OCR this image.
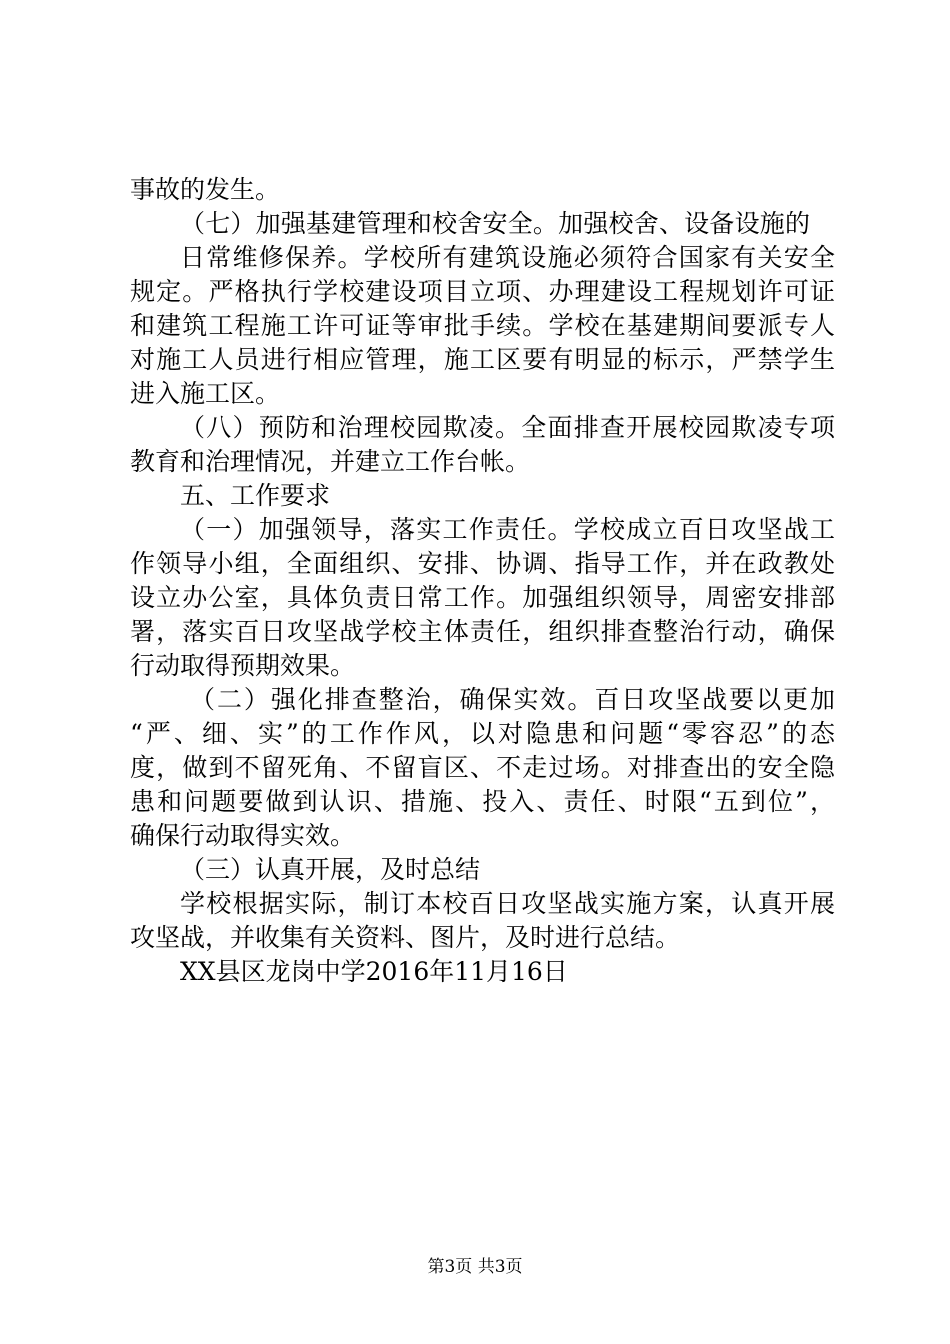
事故的发生。
（七）加强基建管理和校舍安全。加强校舍、设备设施的
日常维修保养。学校所有建筑设施必须符合国家有关安全
规定。严格执行学校建设项目立项、办理建设工程规划许可证
和建筑工程施工许可证等审批手续。学校在基建期间要派专人
对施工人员进行相应管理，施工区要有明显的标示，严禁学生
进入施工区。
（八）预防和治理校园欺凌。全面排查开展校园欺凌专项
教育和治理情况，并建立工作台帐。
五、工作要求
（一）加强领导，落实工作责任。学校成立百日攻坚战工
作领导小组，全面组织、安排、协调、指导工作，并在政教处
设立办公室，具体负责日常工作。加强组织领导，周密安排部
署，落实百日攻坚战学校主体责任，组织排查整治行动，确保
行动取得预期效果。
（二）强化排查整治，确保实效。百日攻坚战要以更加
“严、细、实”的工作作风，以对隐患和问题“零容忍”的态
度，做到不留死角、不留盲区、不走过场。对排查出的安全隐
患和问题要做到认识、措施、投入、责任、时限“五到位”，
确保行动取得实效。
（三）认真开展，及时总结
学校根据实际，制订本校百日攻坚战实施方案，认真开展
攻坚战，并收集有关资料、图片，及时进行总结。
XX县区龙岗中学2016年11月16日
第3页 共3页
